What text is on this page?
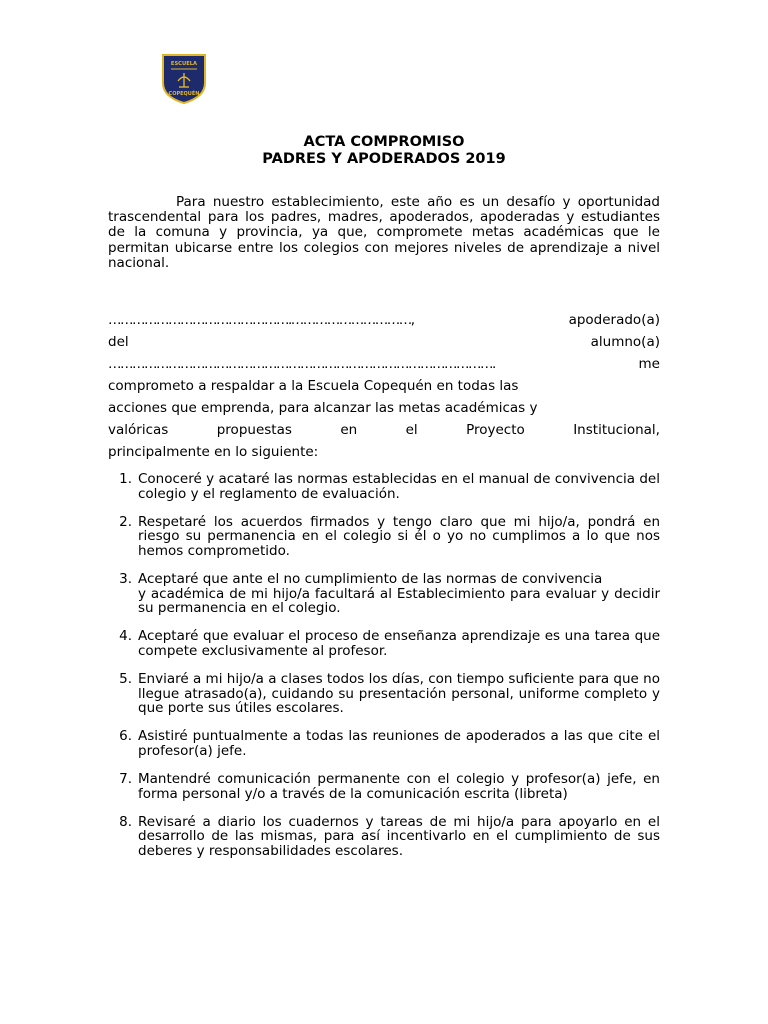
ESCUELA
COPEQUÉN
ACTA COMPROMISO
PADRES Y APODERADOS 2019

Para nuestro establecimiento, este año es un desafío y oportunidad trascendental para los padres, madres, apoderados, apoderadas y estudiantes de la comuna y provincia, ya que, compromete metas académicas que le permitan ubicarse entre los colegios con mejores niveles de aprendizaje a nivel nacional.

……………………………………….…………………………,	apoderado(a)
del	alumno(a)
…………………………………………………………………………………….	me
comprometo a respaldar a la Escuela Copequén en todas las
acciones que emprenda, para alcanzar las metas académicas y
valóricas	propuestas	en	el	Proyecto	Institucional,
principalmente en lo siguiente:
1. Conoceré y acataré las normas establecidas en el manual de convivencia del colegio y el reglamento de evaluación.
2. Respetaré los acuerdos firmados y tengo claro que mi hijo/a, pondrá en riesgo su permanencia en el colegio si él o yo no cumplimos a lo que nos hemos comprometido.
3. Aceptaré que ante el no cumplimiento de las normas de convivencia
y académica de mi hijo/a facultará al Establecimiento para evaluar y decidir su permanencia en el colegio.
4. Aceptaré que evaluar el proceso de enseñanza aprendizaje es una tarea que compete exclusivamente al profesor.
5. Enviaré a mi hijo/a a clases todos los días, con tiempo suficiente para que no llegue atrasado(a), cuidando su presentación personal, uniforme completo y que porte sus útiles escolares.
6. Asistiré puntualmente a todas las reuniones de apoderados a las que cite el profesor(a) jefe.
7. Mantendré comunicación permanente con el colegio y profesor(a) jefe, en forma personal y/o a través de la comunicación escrita (libreta)
8. Revisaré a diario los cuadernos y tareas de mi hijo/a para apoyarlo en el desarrollo de las mismas, para así incentivarlo en el cumplimiento de sus deberes y responsabilidades escolares.
